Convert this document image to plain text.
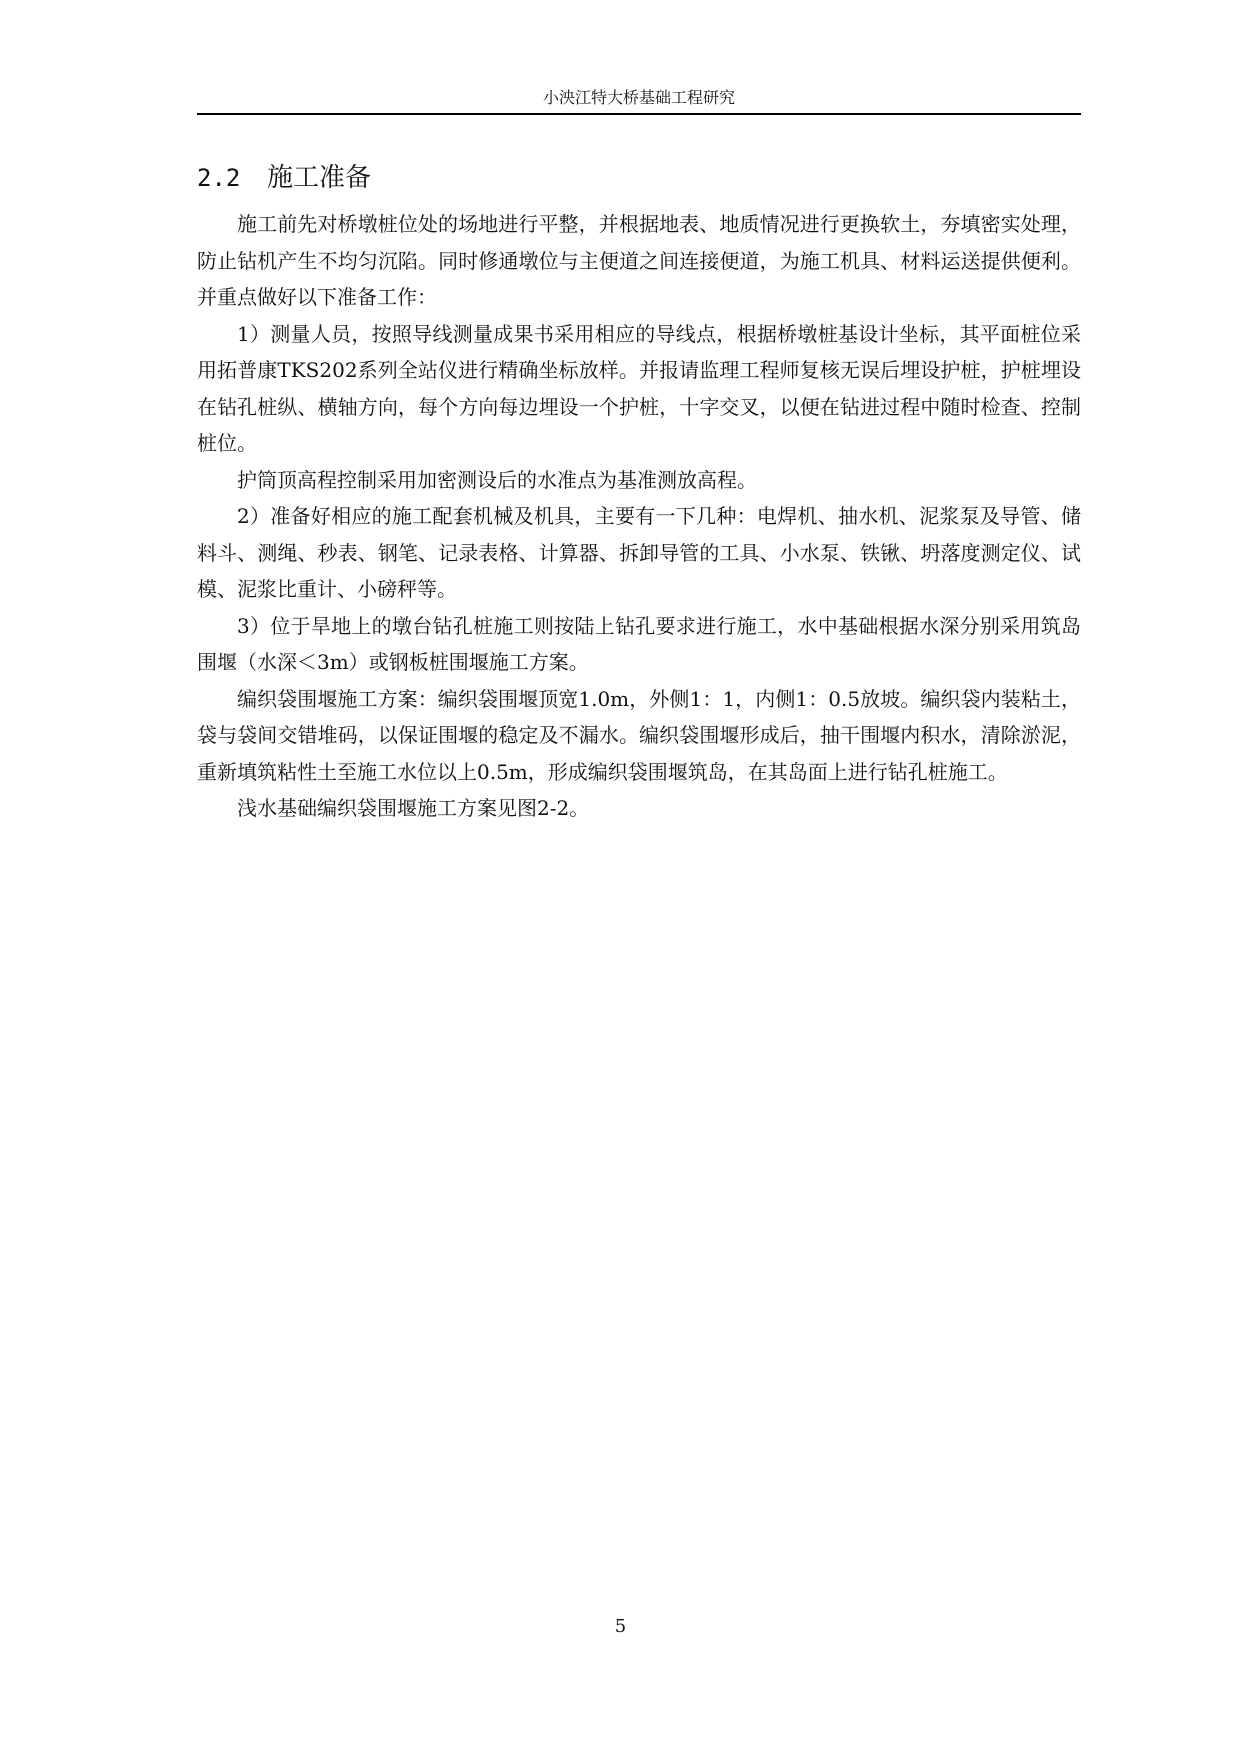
小泱江特大桥基础工程研究
2.2 施工准备

施工前先对桥墩桩位处的场地进行平整，并根据地表、地质情况进行更换软土，夯填密实处理，防止钻机产生不均匀沉陷。同时修通墩位与主便道之间连接便道，为施工机具、材料运送提供便利。并重点做好以下准备工作：

1）测量人员，按照导线测量成果书采用相应的导线点，根据桥墩桩基设计坐标，其平面桩位采用拓普康TKS202系列全站仪进行精确坐标放样。并报请监理工程师复核无误后埋设护桩，护桩埋设在钻孔桩纵、横轴方向，每个方向每边埋设一个护桩，十字交叉，以便在钻进过程中随时检查、控制桩位。

护筒顶高程控制采用加密测设后的水准点为基准测放高程。

2）准备好相应的施工配套机械及机具，主要有一下几种：电焊机、抽水机、泥浆泵及导管、储料斗、测绳、秒表、钢笔、记录表格、计算器、拆卸导管的工具、小水泵、铁锹、坍落度测定仪、试模、泥浆比重计、小磅秤等。

3）位于旱地上的墩台钻孔桩施工则按陆上钻孔要求进行施工，水中基础根据水深分别采用筑岛围堰（水深＜3m）或钢板桩围堰施工方案。

编织袋围堰施工方案：编织袋围堰顶宽1.0m，外侧1：1，内侧1：0.5放坡。编织袋内装粘土，袋与袋间交错堆码，以保证围堰的稳定及不漏水。编织袋围堰形成后，抽干围堰内积水，清除淤泥，重新填筑粘性土至施工水位以上0.5m，形成编织袋围堰筑岛，在其岛面上进行钻孔桩施工。

浅水基础编织袋围堰施工方案见图2-2。

5
